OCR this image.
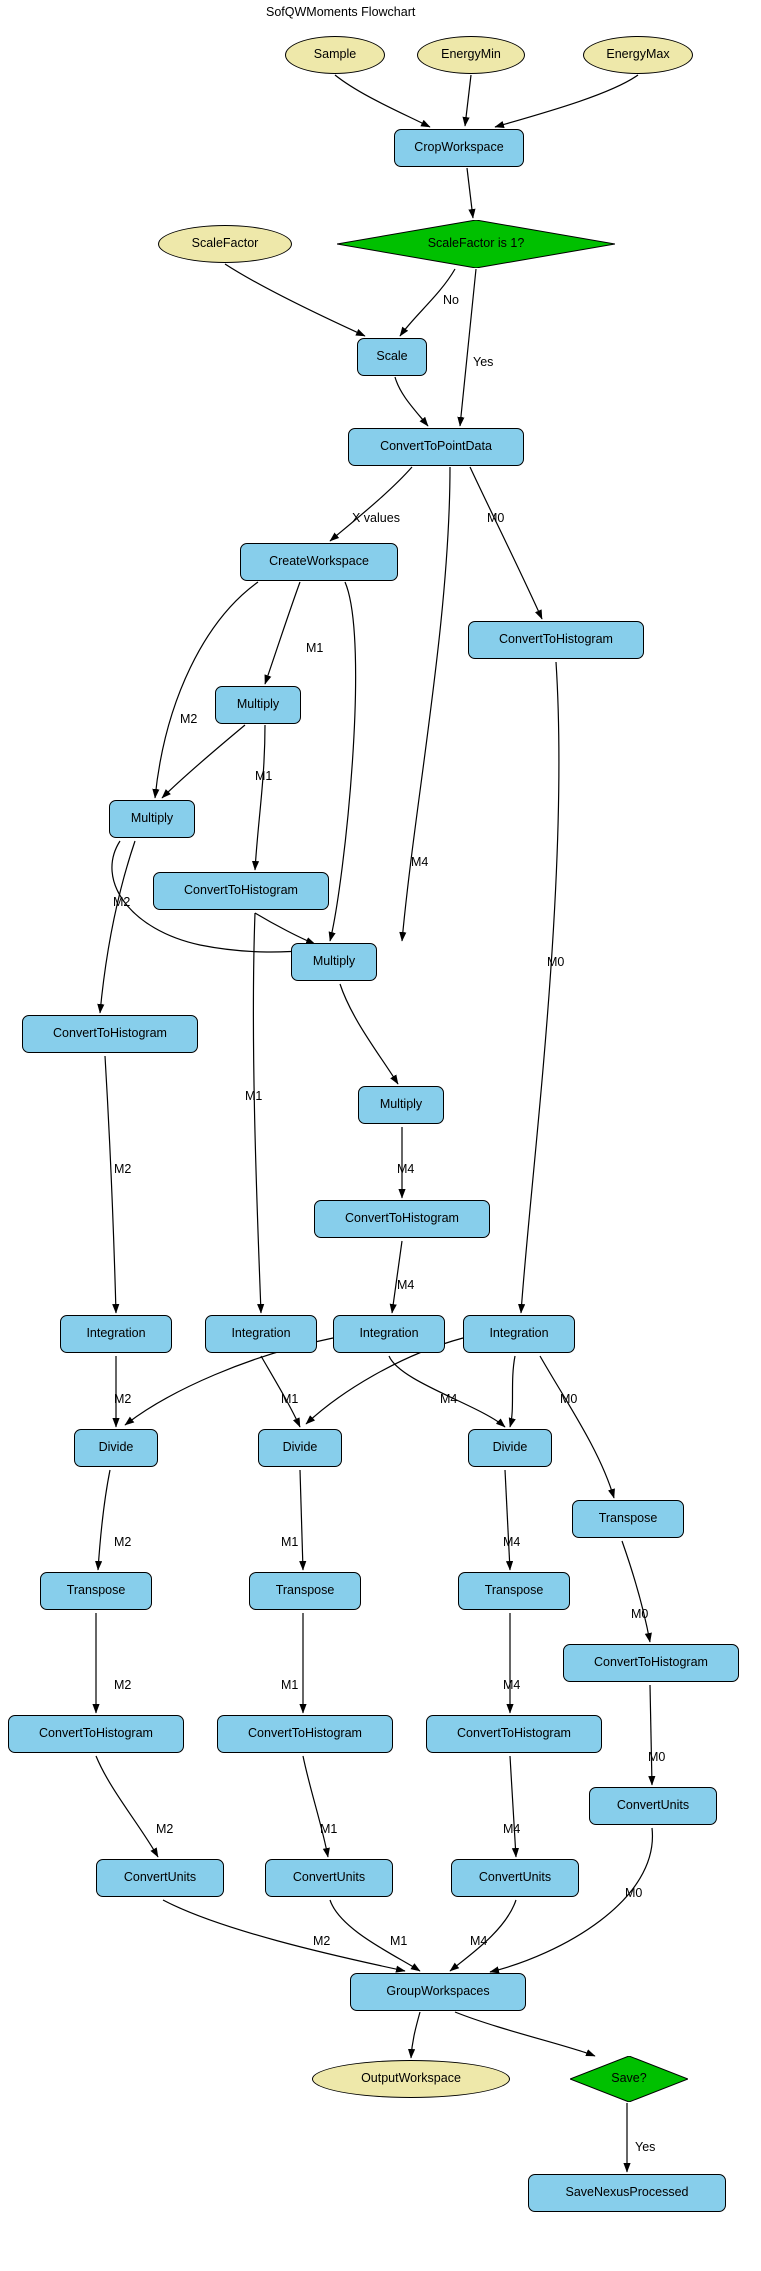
SofQWMoments Flowchart
Sample	EnergyMin	EnergyMax
CropWorkspace
ScaleFactor	ScaleFactor is 1?
Scale
ConvertToPointData
CreateWorkspace
ConvertToHistogram
Multiply
Multiply
ConvertToHistogram
Multiply
ConvertToHistogram
Multiply
ConvertToHistogram
Integration	Integration	Integration	Integration
Divide	Divide	Divide
Transpose
Transpose	Transpose	Transpose
ConvertToHistogram
ConvertToHistogram	ConvertToHistogram	ConvertToHistogram
ConvertUnits
ConvertUnits	ConvertUnits	ConvertUnits
GroupWorkspaces
OutputWorkspace	Save?
SaveNexusProcessed
No
Yes
X values	M0
M1
M2
M1
M2
M4
M0
M1
M4
M2
M4
M2	M1	M4	M0
M2	M1	M4
M0
M2	M1	M4
M0
M2	M1	M4
M2	M1	M4
M0
Yes
